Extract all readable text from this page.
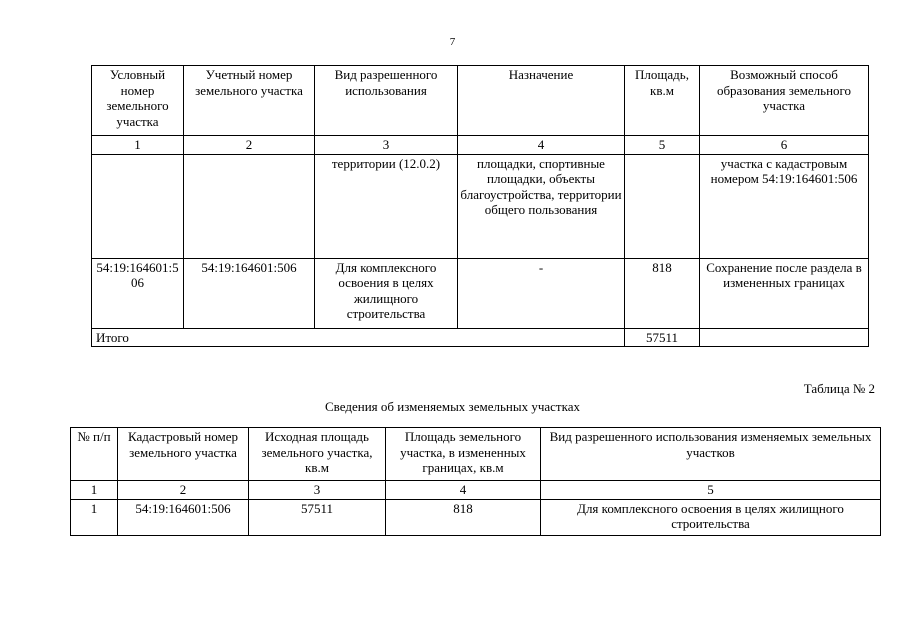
7
Условный номер земельного участка	Учетный номер земельного участка	Вид разрешенного использования	Назначение	Площадь, кв.м	Возможный способ образования земельного участка
1	2	3	4	5	6
		территории (12.0.2)	площадки, спортивные площадки, объекты благоустройства, территории общего пользования		участка с кадастровым номером 54:19:164601:506
54:19:164601:506	54:19:164601:506	Для комплексного освоения в целях жилищного строительства	-	818	Сохранение после раздела в измененных границах
Итого				57511	
Таблица № 2
Сведения об изменяемых земельных участках
№ п/п	Кадастровый номер земельного участка	Исходная площадь земельного участка, кв.м	Площадь земельного участка, в измененных границах, кв.м	Вид разрешенного использования изменяемых земельных участков
1	2	3	4	5
1	54:19:164601:506	57511	818	Для комплексного освоения в целях жилищного строительства
